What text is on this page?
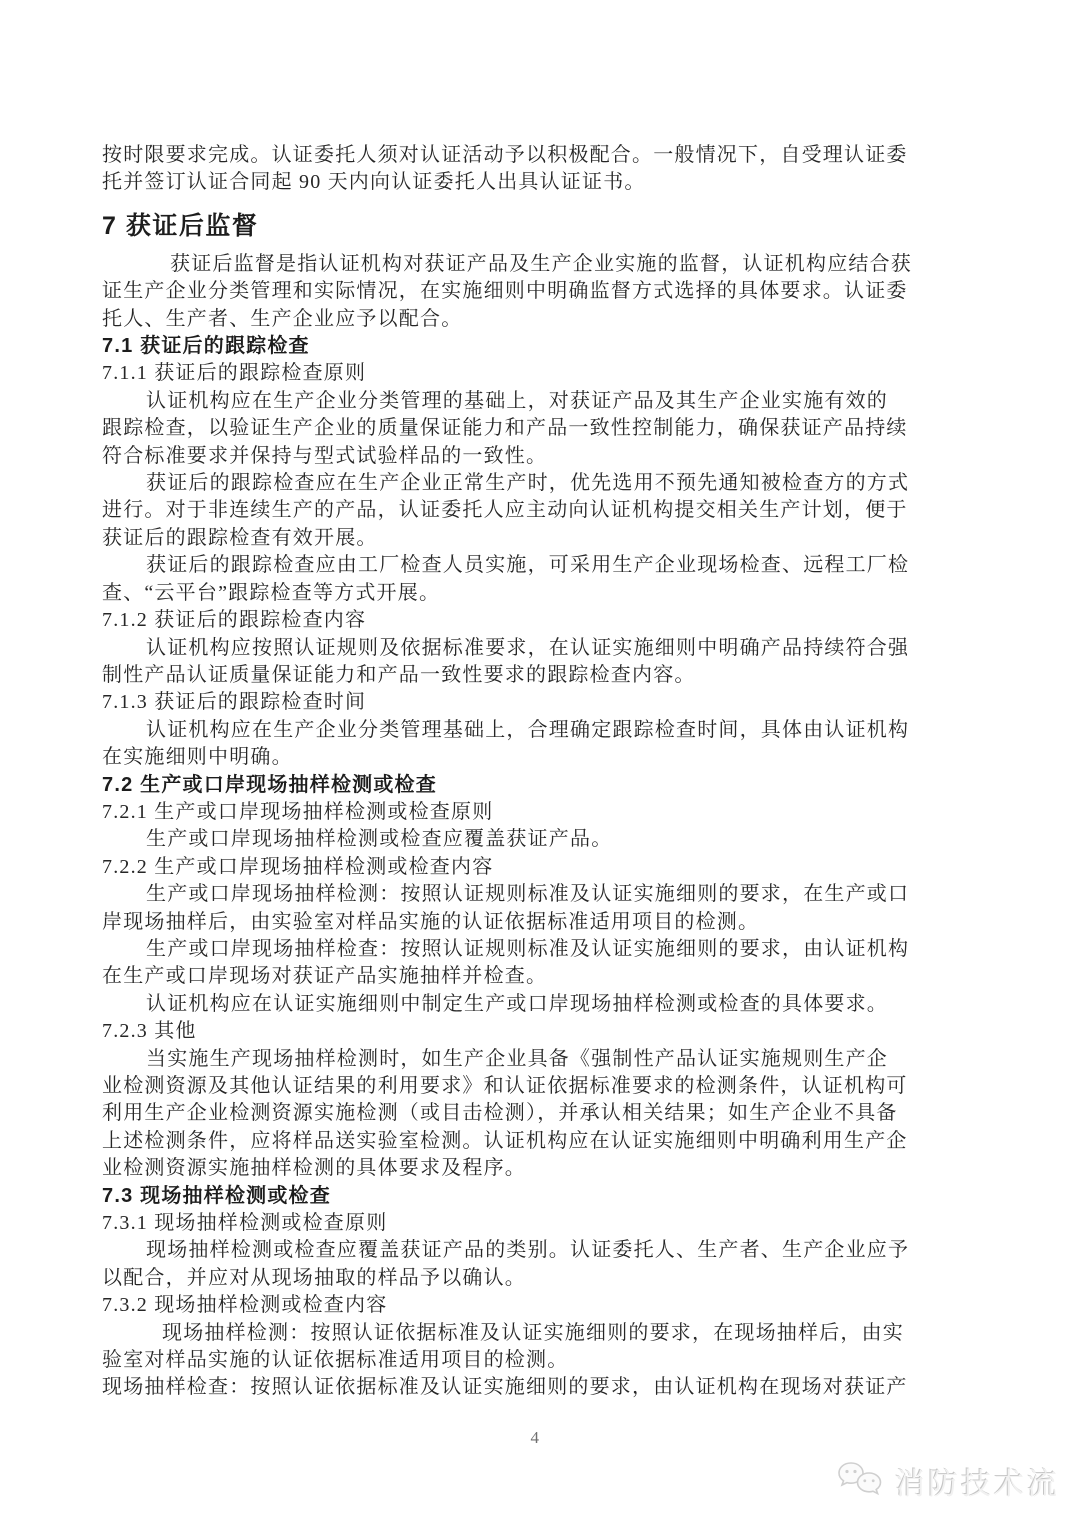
按时限要求完成。认证委托人须对认证活动予以积极配合。一般情况下，自受理认证委
托并签订认证合同起 90 天内向认证委托人出具认证证书。
7 获证后监督
获证后监督是指认证机构对获证产品及生产企业实施的监督，认证机构应结合获
证生产企业分类管理和实际情况，在实施细则中明确监督方式选择的具体要求。认证委
托人、生产者、生产企业应予以配合。
7.1 获证后的跟踪检查
7.1.1 获证后的跟踪检查原则
认证机构应在生产企业分类管理的基础上，对获证产品及其生产企业实施有效的
跟踪检查，以验证生产企业的质量保证能力和产品一致性控制能力，确保获证产品持续
符合标准要求并保持与型式试验样品的一致性。
获证后的跟踪检查应在生产企业正常生产时，优先选用不预先通知被检查方的方式
进行。对于非连续生产的产品，认证委托人应主动向认证机构提交相关生产计划，便于
获证后的跟踪检查有效开展。
获证后的跟踪检查应由工厂检查人员实施，可采用生产企业现场检查、远程工厂检
查、“云平台”跟踪检查等方式开展。
7.1.2 获证后的跟踪检查内容
认证机构应按照认证规则及依据标准要求，在认证实施细则中明确产品持续符合强
制性产品认证质量保证能力和产品一致性要求的跟踪检查内容。
7.1.3 获证后的跟踪检查时间
认证机构应在生产企业分类管理基础上，合理确定跟踪检查时间，具体由认证机构
在实施细则中明确。
7.2 生产或口岸现场抽样检测或检查
7.2.1 生产或口岸现场抽样检测或检查原则
生产或口岸现场抽样检测或检查应覆盖获证产品。
7.2.2 生产或口岸现场抽样检测或检查内容
生产或口岸现场抽样检测：按照认证规则标准及认证实施细则的要求，在生产或口
岸现场抽样后，由实验室对样品实施的认证依据标准适用项目的检测。
生产或口岸现场抽样检查：按照认证规则标准及认证实施细则的要求，由认证机构
在生产或口岸现场对获证产品实施抽样并检查。
认证机构应在认证实施细则中制定生产或口岸现场抽样检测或检查的具体要求。
7.2.3 其他
当实施生产现场抽样检测时，如生产企业具备《强制性产品认证实施规则生产企
业检测资源及其他认证结果的利用要求》和认证依据标准要求的检测条件，认证机构可
利用生产企业检测资源实施检测（或目击检测），并承认相关结果；如生产企业不具备
上述检测条件，应将样品送实验室检测。认证机构应在认证实施细则中明确利用生产企
业检测资源实施抽样检测的具体要求及程序。
7.3 现场抽样检测或检查
7.3.1 现场抽样检测或检查原则
现场抽样检测或检查应覆盖获证产品的类别。认证委托人、生产者、生产企业应予
以配合，并应对从现场抽取的样品予以确认。
7.3.2 现场抽样检测或检查内容
现场抽样检测：按照认证依据标准及认证实施细则的要求，在现场抽样后，由实
验室对样品实施的认证依据标准适用项目的检测。
现场抽样检查：按照认证依据标准及认证实施细则的要求，由认证机构在现场对获证产
4
消防技术流
